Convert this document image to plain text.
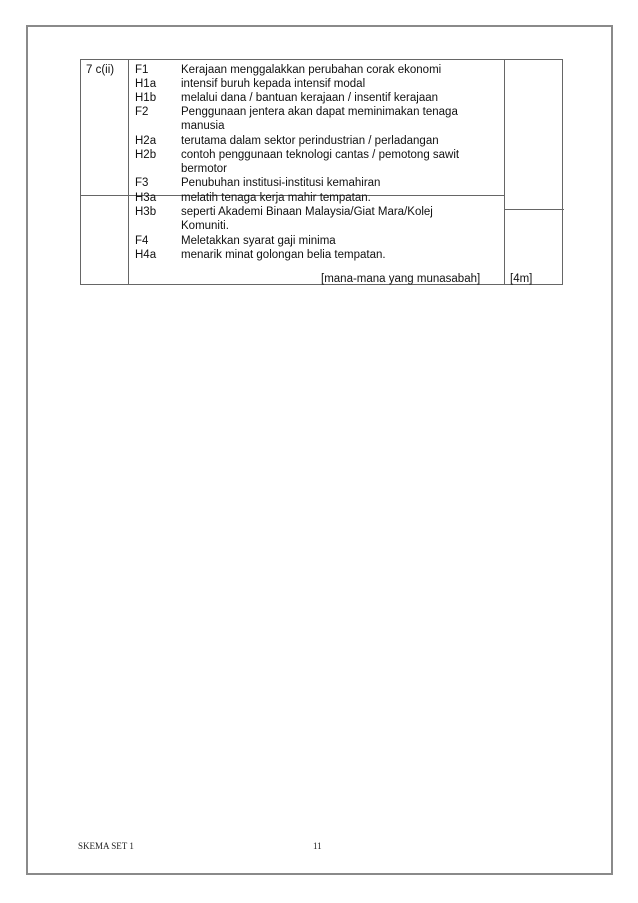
7 c(ii) F1	Kerajaan menggalakkan perubahan corak ekonomi
H1a intensif buruh kepada intensif modal
H1b melalui dana / bantuan kerajaan / insentif kerajaan
F2	Penggunaan jentera akan dapat meminimakan tenaga
manusia
H2a terutama dalam sektor perindustrian / perladangan
H2b contoh penggunaan teknologi cantas / pemotong sawit
bermotor
F3	Penubuhan institusi-institusi kemahiran
H3a melatih tenaga kerja mahir tempatan.
H3b seperti Akademi Binaan Malaysia/Giat Mara/Kolej
Komuniti.
F4	Meletakkan syarat gaji minima
H4a menarik minat golongan belia tempatan.
[mana-mana yang munasabah]	[4m]
SKEMA SET 1	11
